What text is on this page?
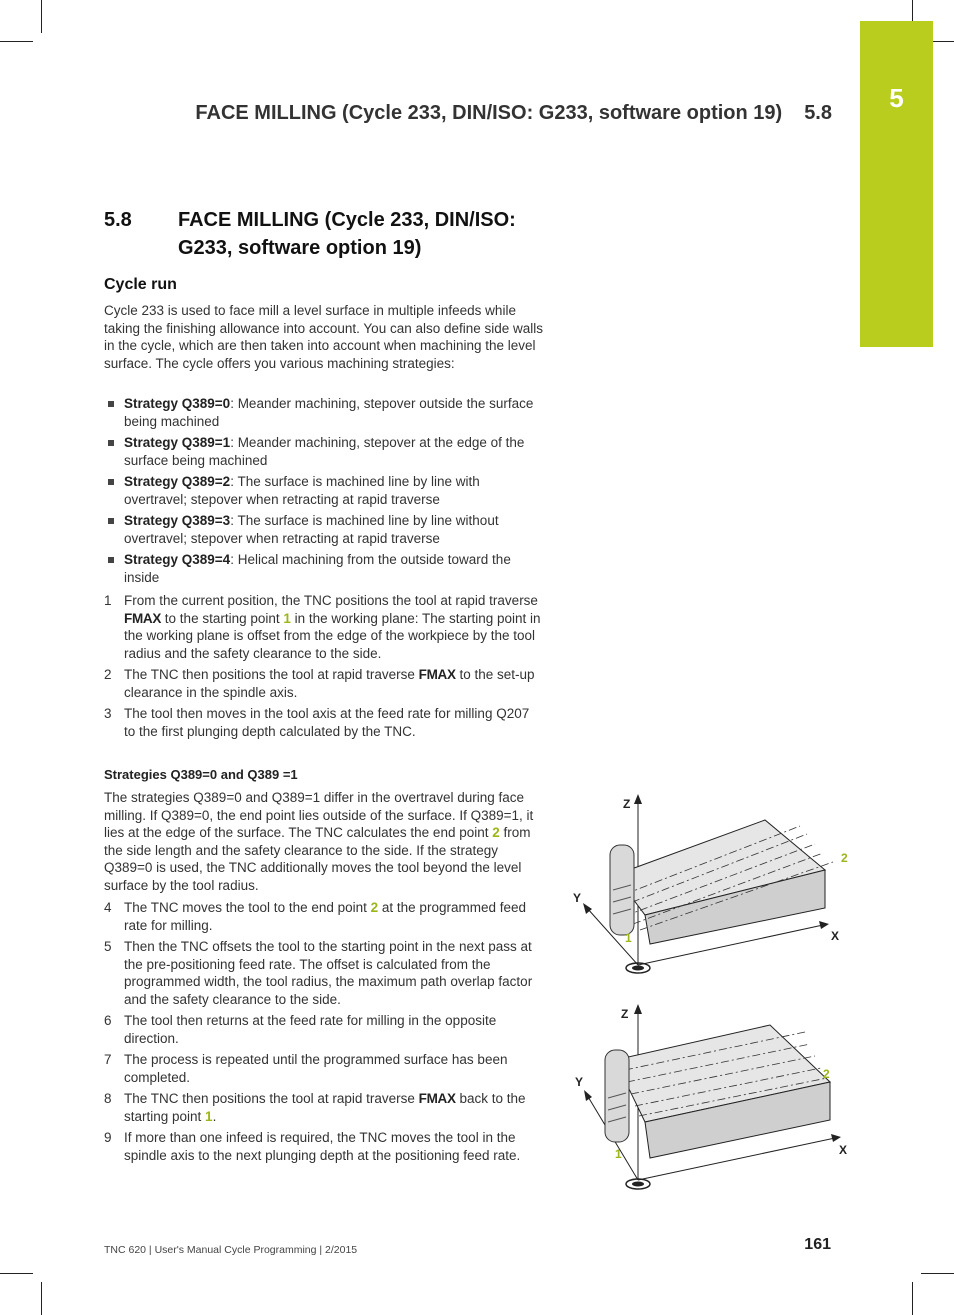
5
FACE MILLING (Cycle 233, DIN/ISO: G233, software option 19) 5.8
5.8 FACE MILLING (Cycle 233, DIN/ISO: G233, software option 19)
Cycle run
Cycle 233 is used to face mill a level surface in multiple infeeds while taking the finishing allowance into account. You can also define side walls in the cycle, which are then taken into account when machining the level surface. The cycle offers you various machining strategies:
Strategy Q389=0: Meander machining, stepover outside the surface being machined
Strategy Q389=1: Meander machining, stepover at the edge of the surface being machined
Strategy Q389=2: The surface is machined line by line with overtravel; stepover when retracting at rapid traverse
Strategy Q389=3: The surface is machined line by line without overtravel; stepover when retracting at rapid traverse
Strategy Q389=4: Helical machining from the outside toward the inside
1 From the current position, the TNC positions the tool at rapid traverse FMAX to the starting point 1 in the working plane: The starting point in the working plane is offset from the edge of the workpiece by the tool radius and the safety clearance to the side.
2 The TNC then positions the tool at rapid traverse FMAX to the set-up clearance in the spindle axis.
3 The tool then moves in the tool axis at the feed rate for milling Q207 to the first plunging depth calculated by the TNC.
Strategies Q389=0 and Q389 =1
The strategies Q389=0 and Q389=1 differ in the overtravel during face milling. If Q389=0, the end point lies outside of the surface. If Q389=1, it lies at the edge of the surface. The TNC calculates the end point 2 from the side length and the safety clearance to the side. If the strategy Q389=0 is used, the TNC additionally moves the tool beyond the level surface by the tool radius.
4 The TNC moves the tool to the end point 2 at the programmed feed rate for milling.
5 Then the TNC offsets the tool to the starting point in the next pass at the pre-positioning feed rate. The offset is calculated from the programmed width, the tool radius, the maximum path overlap factor and the safety clearance to the side.
6 The tool then returns at the feed rate for milling in the opposite direction.
7 The process is repeated until the programmed surface has been completed.
8 The TNC then positions the tool at rapid traverse FMAX back to the starting point 1.
9 If more than one infeed is required, the TNC moves the tool in the spindle axis to the next plunging depth at the positioning feed rate.
Z
Y
X
1
2
Z
Y
X
1
2
TNC 620 | User's Manual Cycle Programming | 2/2015	161
